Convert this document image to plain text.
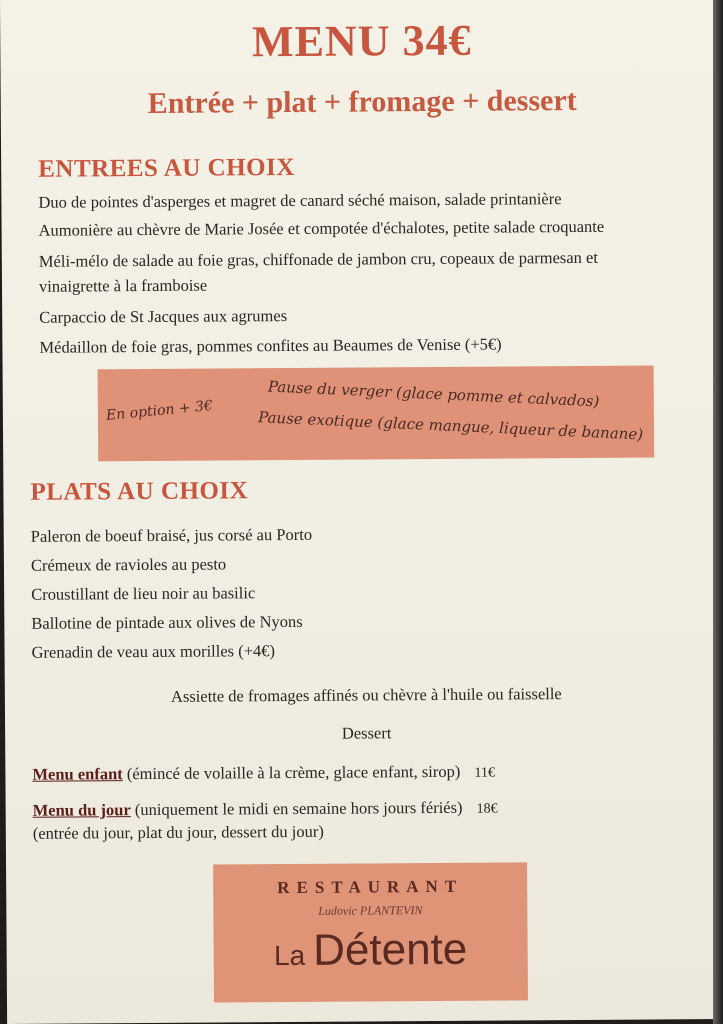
MENU 34€
Entrée + plat + fromage + dessert
ENTREES AU CHOIX
Duo de pointes d'asperges et magret de canard séché maison, salade printanière
Aumonière au chèvre de Marie Josée et compotée d'échalotes, petite salade croquante
Méli-mélo de salade au foie gras, chiffonade de jambon cru, copeaux de parmesan et
vinaigrette à la framboise
Carpaccio de St Jacques aux agrumes
Médaillon de foie gras, pommes confites au Beaumes de Venise (+5€)
En option + 3€
Pause du verger (glace pomme et calvados)
Pause exotique (glace mangue, liqueur de banane)
PLATS AU CHOIX
Paleron de boeuf braisé, jus corsé au Porto
Crémeux de ravioles au pesto
Croustillant de lieu noir au basilic
Ballotine de pintade aux olives de Nyons
Grenadin de veau aux morilles (+4€)
Assiette de fromages affinés ou chèvre à l'huile ou faisselle
Dessert
Menu enfant (émincé de volaille à la crème, glace enfant, sirop) 11€
Menu du jour (uniquement le midi en semaine hors jours fériés) 18€
(entrée du jour, plat du jour, dessert du jour)
RESTAURANT
Ludovic PLANTEVIN
La Détente
